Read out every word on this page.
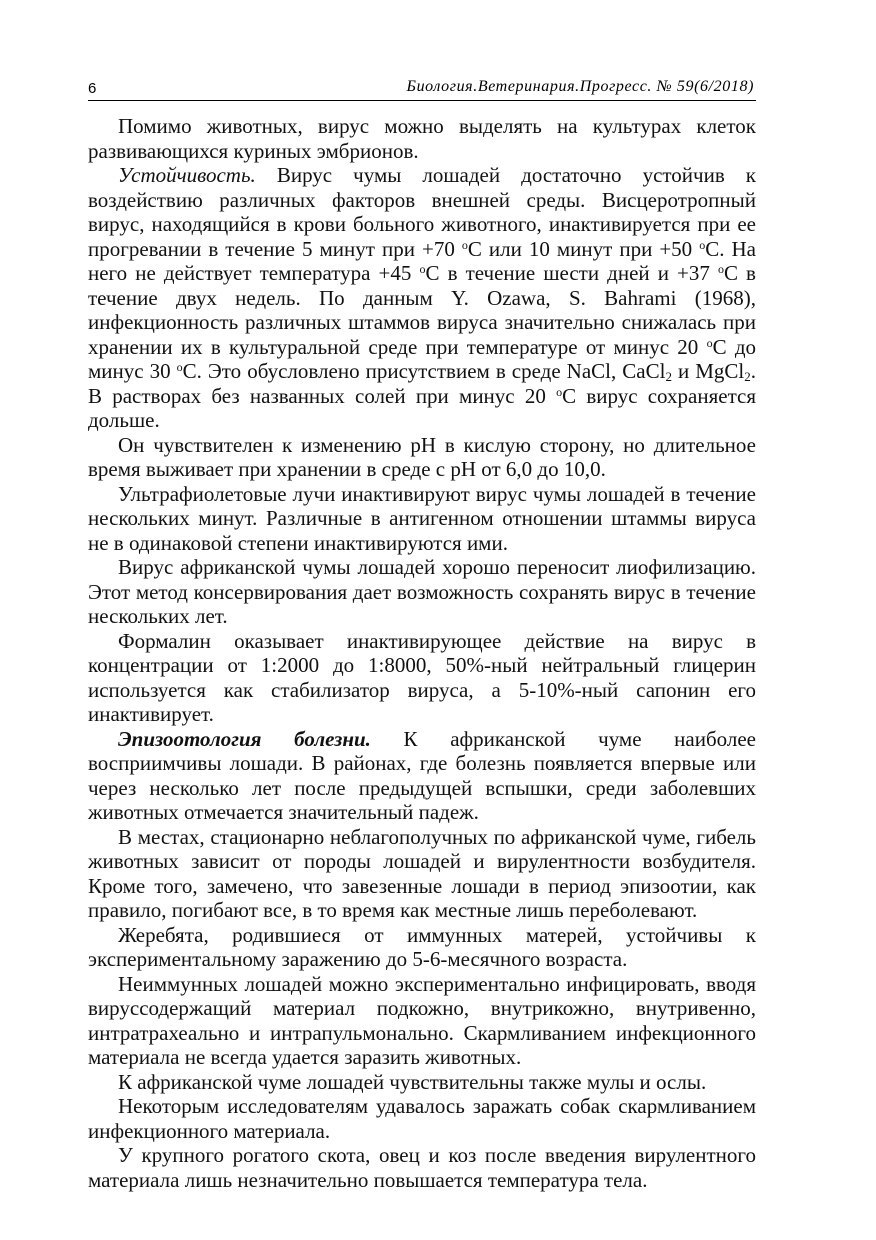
6	Биология.Ветеринария.Прогресс. № 59(6/2018)

Помимо животных, вирус можно выделять на культурах клеток развивающихся куриных эмбрионов.

Устойчивость. Вирус чумы лошадей достаточно устойчив к воздействию различных факторов внешней среды. Висцеротропный вирус, находящийся в крови больного животного, инактивируется при ее прогревании в течение 5 минут при +70 $^о$С или 10 минут при +50 $^о$С. На него не действует температура +45 $^о$С в течение шести дней и +37 $^о$С в течение двух недель. По данным Y. Ozawa, S. Bahrami (1968), инфекционность различных штаммов вируса значительно снижалась при хранении их в культуральной среде при температуре от минус 20 $^о$С до минус 30 $^о$С. Это обусловлено присутствием в среде NaCl, CaCl$_2$ и MgCl$_2$. В растворах без названных солей при минус 20 $^о$С вирус сохраняется дольше.

Он чувствителен к изменению pH в кислую сторону, но длительное время выживает при хранении в среде с pH от 6,0 до 10,0.

Ультрафиолетовые лучи инактивируют вирус чумы лошадей в течение нескольких минут. Различные в антигенном отношении штаммы вируса не в одинаковой степени инактивируются ими.

Вирус африканской чумы лошадей хорошо переносит лиофилизацию. Этот метод консервирования дает возможность сохранять вирус в течение нескольких лет.

Формалин оказывает инактивирующее действие на вирус в концентрации от 1:2000 до 1:8000, 50%-ный нейтральный глицерин используется как стабилизатор вируса, а 5-10%-ный сапонин его инактивирует.

Эпизоотология болезни. К африканской чуме наиболее восприимчивы лошади. В районах, где болезнь появляется впервые или через несколько лет после предыдущей вспышки, среди заболевших животных отмечается значительный падеж.

В местах, стационарно неблагополучных по африканской чуме, гибель животных зависит от породы лошадей и вирулентности возбудителя. Кроме того, замечено, что завезенные лошади в период эпизоотии, как правило, погибают все, в то время как местные лишь переболевают.

Жеребята, родившиеся от иммунных матерей, устойчивы к экспериментальному заражению до 5-6-месячного возраста.

Неиммунных лошадей можно экспериментально инфицировать, вводя вируссодержащий материал подкожно, внутрикожно, внутривенно, интратрахеально и интрапульмонально. Скармливанием инфекционного материала не всегда удается заразить животных.

К африканской чуме лошадей чувствительны также мулы и ослы.

Некоторым исследователям удавалось заражать собак скармливанием инфекционного материала.

У крупного рогатого скота, овец и коз после введения вирулентного материала лишь незначительно повышается температура тела.
